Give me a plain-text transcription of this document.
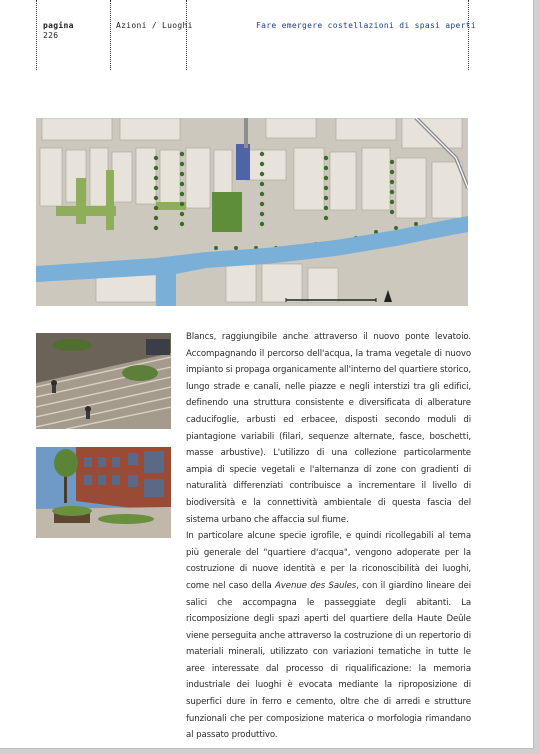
pagina
226
Azioni / Luoghi	Fare emergere costellazioni di spasi aperti

Blancs, raggiungibile anche attraverso il nuovo ponte levatoio. Accompagnando il percorso dell'acqua, la trama vegetale di nuovo impianto si propaga organicamente all'interno del quartiere storico, lungo strade e canali, nelle piazze e negli interstizi tra gli edifici, definendo una struttura consistente e diversificata di alberature caducifoglie, arbusti ed erbacee, disposti secondo moduli di piantagione variabili (filari, sequenze alternate, fasce, boschetti, masse arbustive). L'utilizzo di una collezione particolarmente ampia di specie vegetali e l'alternanza di zone con gradienti di naturalità differenziati contribuisce a incrementare il livello di biodiversità e la connettività ambientale di questa fascia del sistema urbano che affaccia sul fiume.

In particolare alcune specie igrofile, e quindi ricollegabili al tema più generale del "quartiere d'acqua", vengono adoperate per la costruzione di nuove identità e per la riconoscibilità dei luoghi, come nel caso della Avenue des Saules, con il giardino lineare dei salici che accompagna le passeggiate degli abitanti. La ricomposizione degli spazi aperti del quartiere della Haute Deûle viene perseguita anche attraverso la costruzione di un repertorio di materiali minerali, utilizzato con variazioni tematiche in tutte le aree interessate dal processo di riqualificazione: la memoria industriale dei luoghi è evocata mediante la riproposizione di superfici dure in ferro e cemento, oltre che di arredi e strutture funzionali che per composizione materica o morfologia rimandano al passato produttivo.
